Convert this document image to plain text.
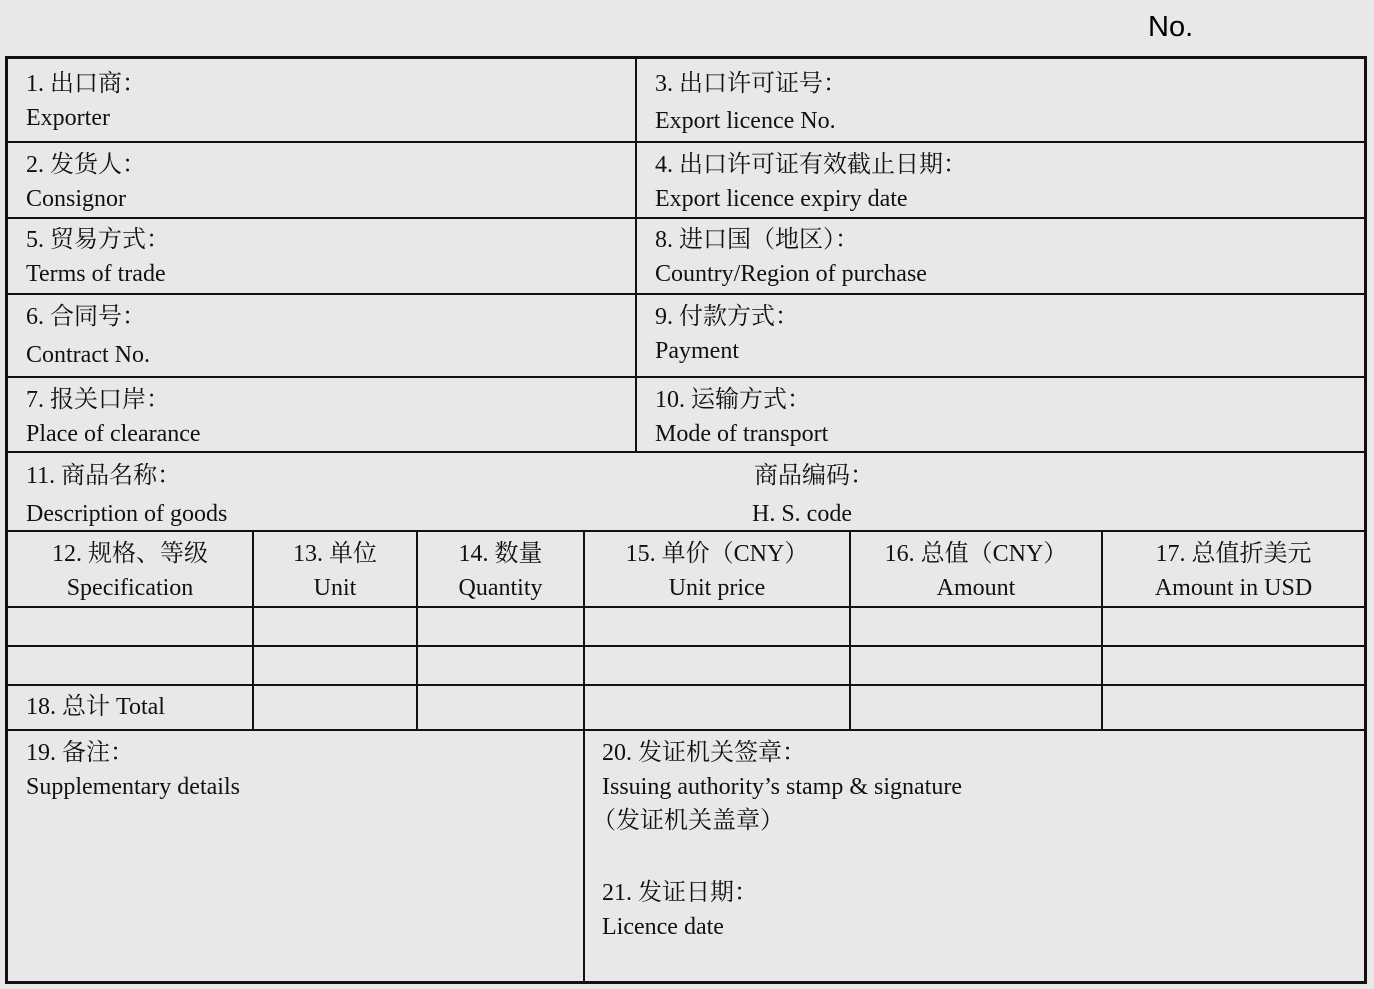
No.
1. 出口商：
Exporter
3. 出口许可证号：
Export licence No.
2. 发货人：
Consignor
4. 出口许可证有效截止日期：
Export licence expiry date
5. 贸易方式：
Terms of trade
8. 进口国（地区）：
Country/Region of purchase
6. 合同号：
Contract No.
9. 付款方式：
Payment
7. 报关口岸：
Place of clearance
10. 运输方式：
Mode of transport
11. 商品名称：
Description of goods
商品编码：
H. S. code
12. 规格、等级
Specification
13. 单位
Unit
14. 数量
Quantity
15. 单价（CNY）
Unit price
16. 总值（CNY）
Amount
17. 总值折美元
Amount in USD
18. 总计 Total
19. 备注：
Supplementary details
20. 发证机关签章：
Issuing authority’s stamp & signature
（发证机关盖章）
21. 发证日期：
Licence date
